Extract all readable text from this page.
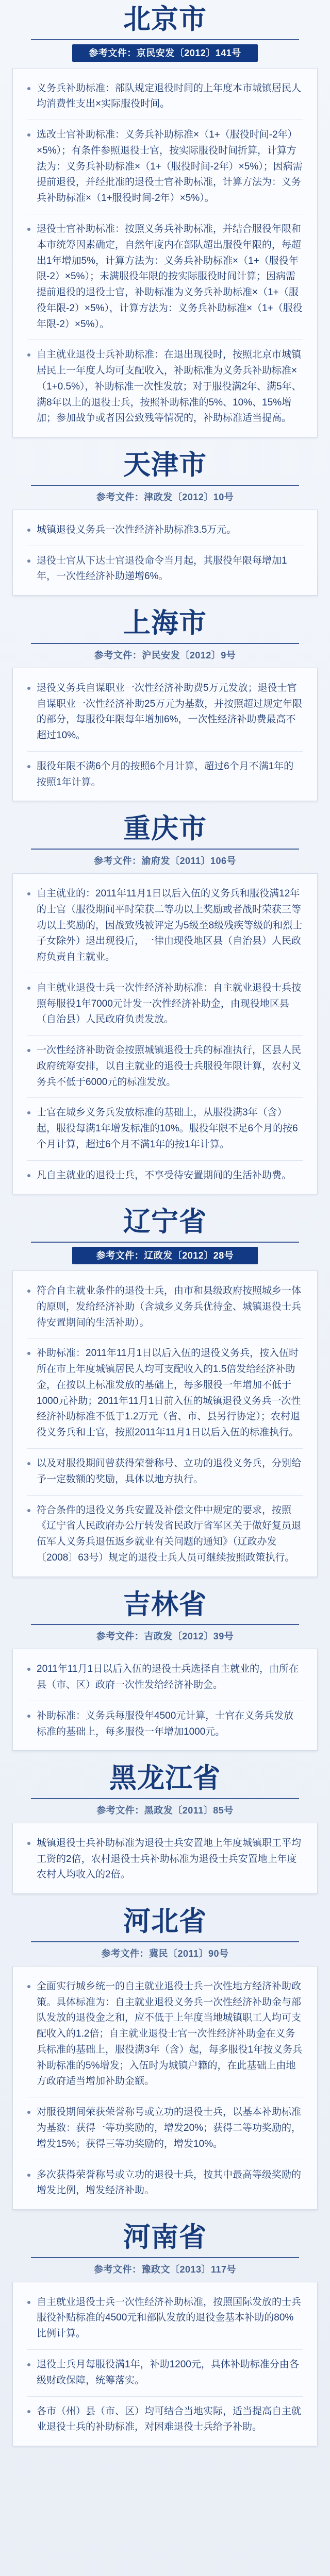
北京市
参考文件：京民安发〔2012〕141号

义务兵补助标准：部队规定退役时间的上年度本市城镇居民人均消费性支出×实际服役时间。

选改士官补助标准：义务兵补助标准×（1+（服役时间-2年）×5%）；有条件参照退役士官，按实际服役时间折算，计算方法为：义务兵补助标准×（1+（服役时间-2年）×5%）；因病需提前退役，并经批准的退役士官补助标准，计算方法为：义务兵补助标准×（1+服役时间-2年）×5%）。

退役士官补助标准：按照义务兵补助标准，并结合服役年限和本市统筹因素确定，自然年度内在部队超出服役年限的，每超出1年增加5%，计算方法为：义务兵补助标准×（1+（服役年限-2）×5%）；未满服役年限的按实际服役时间计算；因病需提前退役的退役士官，补助标准为义务兵补助标准×（1+（服役年限-2）×5%），计算方法为：义务兵补助标准×（1+（服役年限-2）×5%）。

自主就业退役士兵补助标准：在退出现役时，按照北京市城镇居民上一年度人均可支配收入，补助标准为义务兵补助标准×（1+0.5%），补助标准一次性发放；对于服役满2年、满5年、满8年以上的退役士兵，按照补助标准的5%、10%、15%增加；参加战争或者因公致残等情况的，补助标准适当提高。

天津市
参考文件：津政发〔2012〕10号

城镇退役义务兵一次性经济补助标准3.5万元。

退役士官从下达士官退役命令当月起，其服役年限每增加1年，一次性经济补助递增6%。

上海市
参考文件：沪民安发〔2012〕9号

退役义务兵自谋职业一次性经济补助费5万元发放；退役士官自谋职业一次性经济补助25万元为基数，并按照超过规定年限的部分，每服役年限每年增加6%，一次性经济补助费最高不超过10%。

服役年限不满6个月的按照6个月计算，超过6个月不满1年的按照1年计算。

重庆市
参考文件：渝府发〔2011〕106号

自主就业的：2011年11月1日以后入伍的义务兵和服役满12年的士官（服役期间平时荣获二等功以上奖励或者战时荣获三等功以上奖励的，因战致残被评定为5级至8级残疾等级的和烈士子女除外）退出现役后，一律由现役地区县（自治县）人民政府负责自主就业。

自主就业退役士兵一次性经济补助标准：自主就业退役士兵按照每服役1年7000元计发一次性经济补助金，由现役地区县（自治县）人民政府负责发放。

一次性经济补助资金按照城镇退役士兵的标准执行，区县人民政府统筹安排，以自主就业的退役士兵服役年限计算，农村义务兵不低于6000元的标准发放。

士官在城乡义务兵发放标准的基础上，从服役满3年（含）起，服役每满1年增发标准的10%。服役年限不足6个月的按6个月计算，超过6个月不满1年的按1年计算。

凡自主就业的退役士兵，不享受待安置期间的生活补助费。

辽宁省
参考文件：辽政发〔2012〕28号

符合自主就业条件的退役士兵，由市和县级政府按照城乡一体的原则，发给经济补助（含城乡义务兵优待金、城镇退役士兵待安置期间的生活补助）。

补助标准：2011年11月1日以后入伍的退役义务兵，按入伍时所在市上年度城镇居民人均可支配收入的1.5倍发给经济补助金，在按以上标准发放的基础上，每多服役一年增加不低于1000元补助；2011年11月1日前入伍的城镇退役义务兵一次性经济补助标准不低于1.2万元（省、市、县另行协定）；农村退役义务兵和士官，按照2011年11月1日以后入伍的标准执行。

以及对服役期间曾获得荣誉称号、立功的退役义务兵，分别给予一定数额的奖励，具体以地方执行。

符合条件的退役义务兵安置及补偿文件中规定的要求，按照《辽宁省人民政府办公厅转发省民政厅省军区关于做好复员退伍军人义务兵退伍返乡就业有关问题的通知》（辽政办发〔2008〕63号）规定的退役士兵人员可继续按照政策执行。

吉林省
参考文件：吉政发〔2012〕39号

2011年11月1日以后入伍的退役士兵选择自主就业的，由所在县（市、区）政府一次性发给经济补助金。

补助标准：义务兵每服役年4500元计算，士官在义务兵发放标准的基础上，每多服役一年增加1000元。

黑龙江省
参考文件：黑政发〔2011〕85号

城镇退役士兵补助标准为退役士兵安置地上年度城镇职工平均工资的2倍，农村退役士兵补助标准为退役士兵安置地上年度农村人均收入的2倍。

河北省
参考文件：冀民〔2011〕90号

全面实行城乡统一的自主就业退役士兵一次性地方经济补助政策。具体标准为：自主就业退役义务兵一次性经济补助金与部队发放的退役金之和，应不低于上年度当地城镇职工人均可支配收入的1.2倍；自主就业退役士官一次性经济补助金在义务兵标准的基础上，服役满3年（含）起，每多服役1年按义务兵补助标准的5%增发；入伍时为城镇户籍的，在此基础上由地方政府适当增加补助金额。

对服役期间荣获荣誉称号或立功的退役士兵，以基本补助标准为基数：获得一等功奖励的，增发20%；获得二等功奖励的，增发15%；获得三等功奖励的，增发10%。

多次获得荣誉称号或立功的退役士兵，按其中最高等级奖励的增发比例，增发经济补助。

河南省
参考文件：豫政文〔2013〕117号

自主就业退役士兵一次性经济补助标准，按照国际发放的士兵服役补贴标准的4500元和部队发放的退役金基本补助的80%比例计算。

退役士兵月每服役满1年，补助1200元，具体补助标准分由各级财政保障，统筹落实。

各市（州）县（市、区）均可结合当地实际，适当提高自主就业退役士兵的补助标准，对困难退役士兵给予补助。
